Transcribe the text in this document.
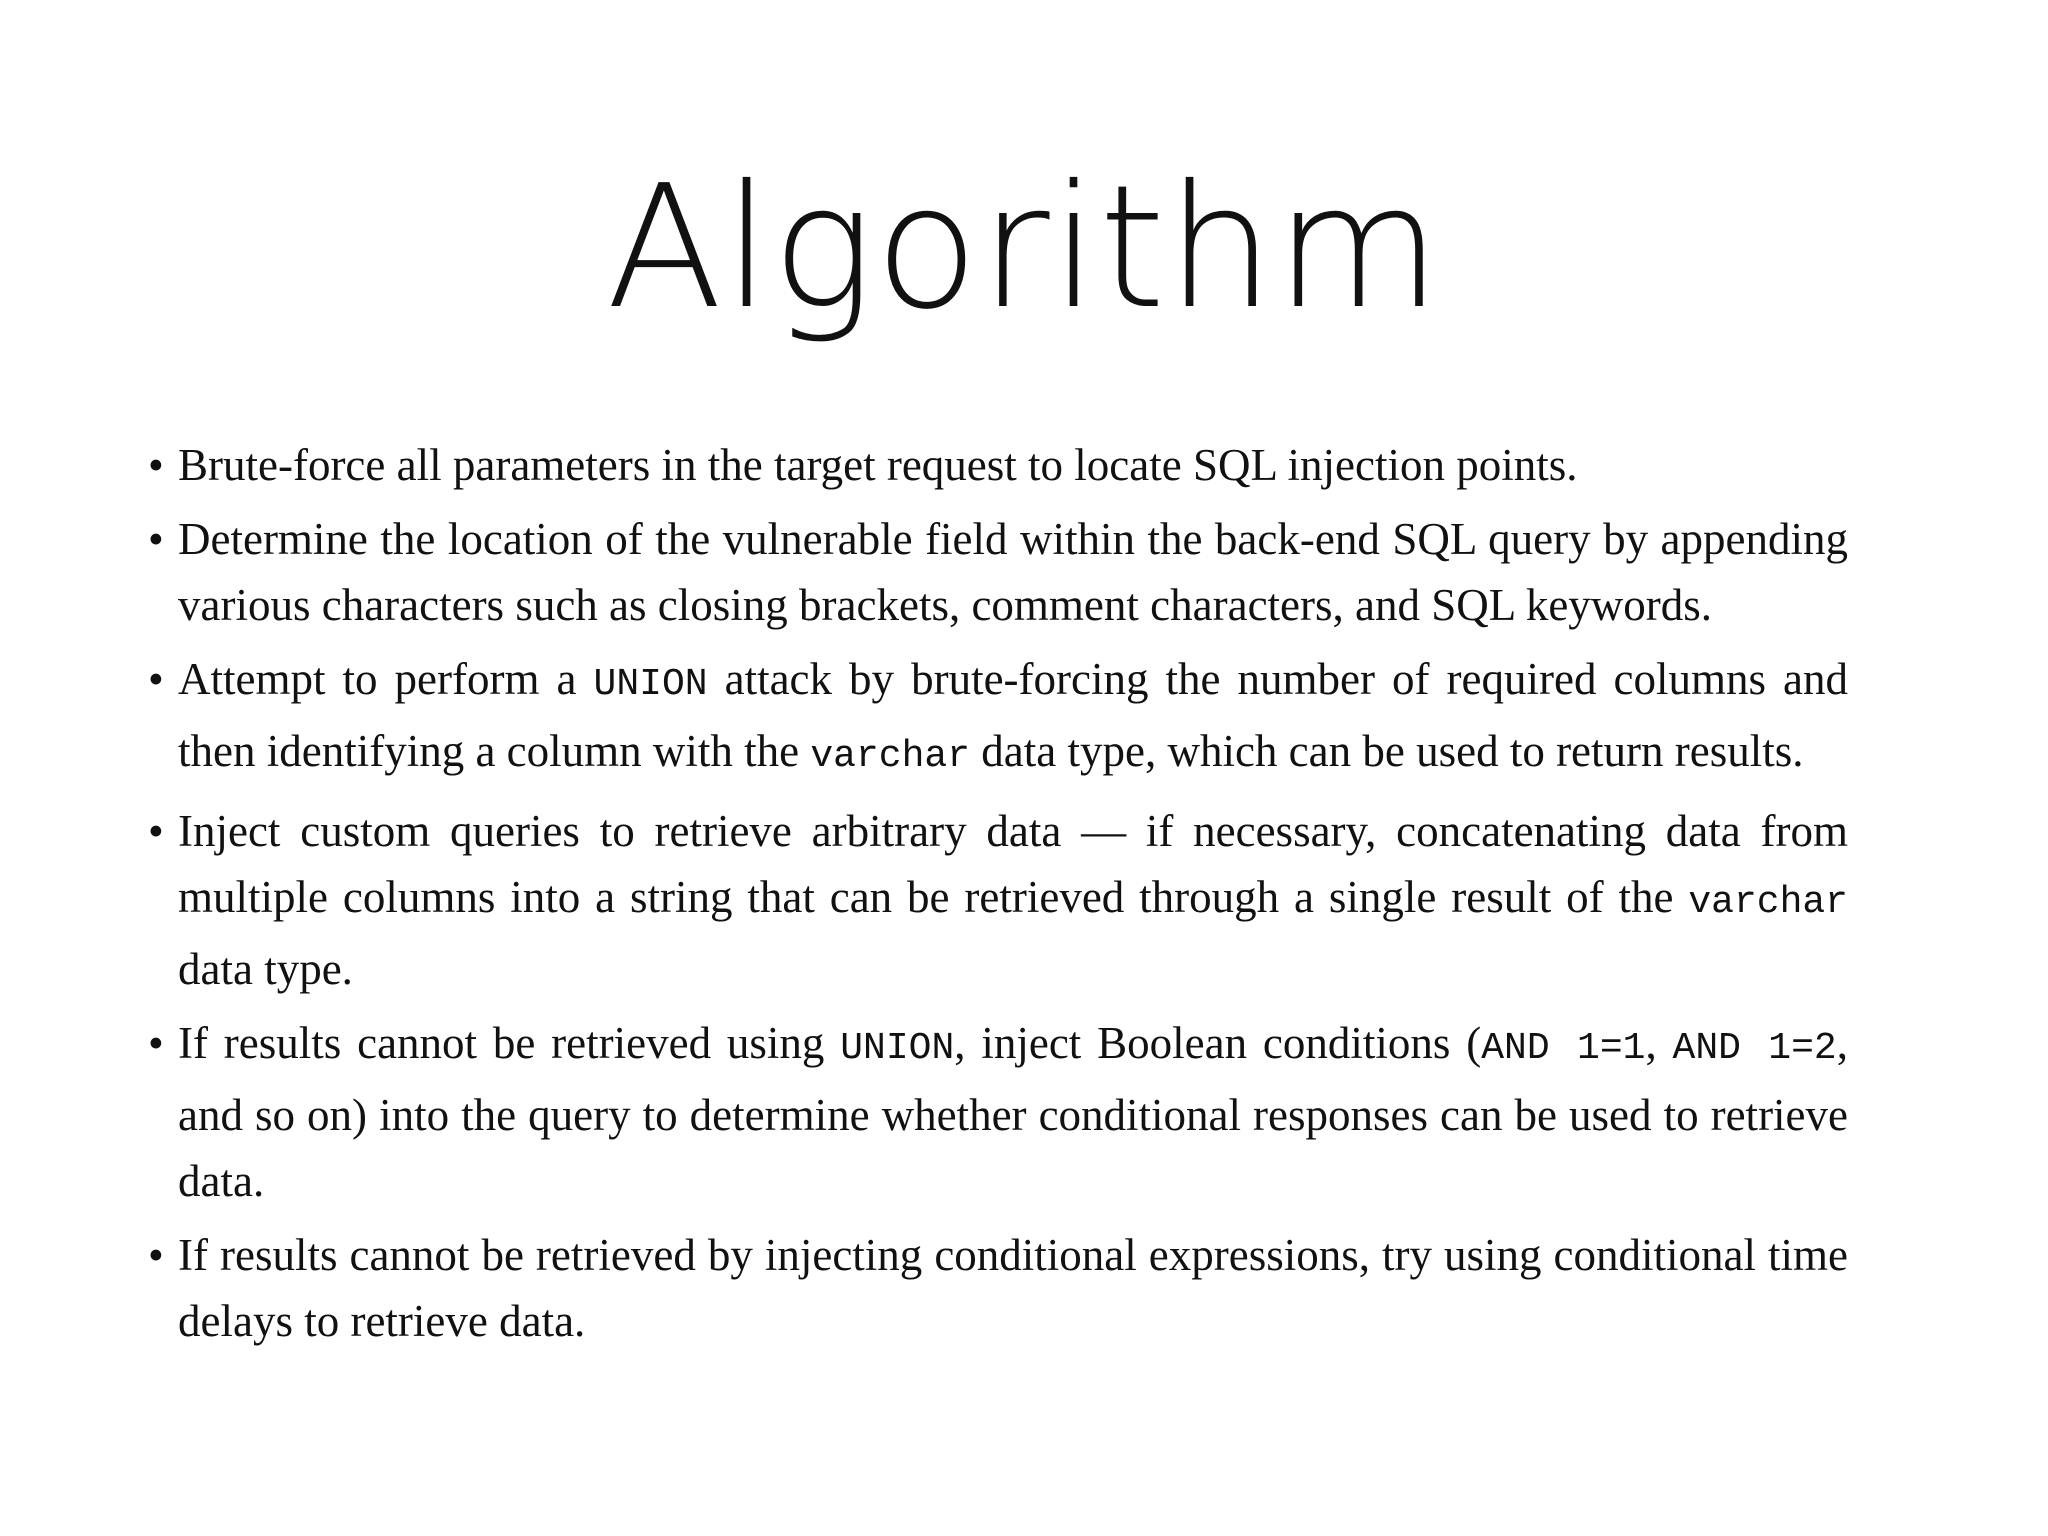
Algorithm
• Brute-force all parameters in the target request to locate SQL injection points.
• Determine the location of the vulnerable field within the back-end SQL query by appending various characters such as closing brackets, comment characters, and SQL keywords.
• Attempt to perform a UNION attack by brute-forcing the number of required columns and then identifying a column with the varchar data type, which can be used to return results.
• Inject custom queries to retrieve arbitrary data — if necessary, concatenating data from multiple columns into a string that can be retrieved through a single result of the varchar data type.
• If results cannot be retrieved using UNION, inject Boolean conditions (AND 1=1, AND 1=2, and so on) into the query to determine whether conditional responses can be used to retrieve data.
• If results cannot be retrieved by injecting conditional expressions, try using conditional time delays to retrieve data.
